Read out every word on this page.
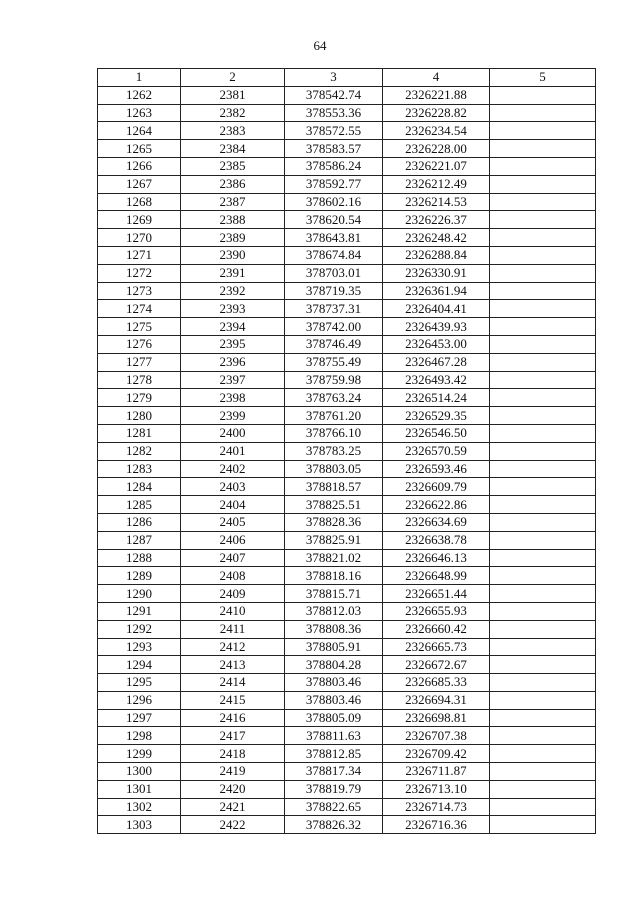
64
1	2	3	4	5
1262	2381	378542.74	2326221.88	
1263	2382	378553.36	2326228.82	
1264	2383	378572.55	2326234.54	
1265	2384	378583.57	2326228.00	
1266	2385	378586.24	2326221.07	
1267	2386	378592.77	2326212.49	
1268	2387	378602.16	2326214.53	
1269	2388	378620.54	2326226.37	
1270	2389	378643.81	2326248.42	
1271	2390	378674.84	2326288.84	
1272	2391	378703.01	2326330.91	
1273	2392	378719.35	2326361.94	
1274	2393	378737.31	2326404.41	
1275	2394	378742.00	2326439.93	
1276	2395	378746.49	2326453.00	
1277	2396	378755.49	2326467.28	
1278	2397	378759.98	2326493.42	
1279	2398	378763.24	2326514.24	
1280	2399	378761.20	2326529.35	
1281	2400	378766.10	2326546.50	
1282	2401	378783.25	2326570.59	
1283	2402	378803.05	2326593.46	
1284	2403	378818.57	2326609.79	
1285	2404	378825.51	2326622.86	
1286	2405	378828.36	2326634.69	
1287	2406	378825.91	2326638.78	
1288	2407	378821.02	2326646.13	
1289	2408	378818.16	2326648.99	
1290	2409	378815.71	2326651.44	
1291	2410	378812.03	2326655.93	
1292	2411	378808.36	2326660.42	
1293	2412	378805.91	2326665.73	
1294	2413	378804.28	2326672.67	
1295	2414	378803.46	2326685.33	
1296	2415	378803.46	2326694.31	
1297	2416	378805.09	2326698.81	
1298	2417	378811.63	2326707.38	
1299	2418	378812.85	2326709.42	
1300	2419	378817.34	2326711.87	
1301	2420	378819.79	2326713.10	
1302	2421	378822.65	2326714.73	
1303	2422	378826.32	2326716.36	
